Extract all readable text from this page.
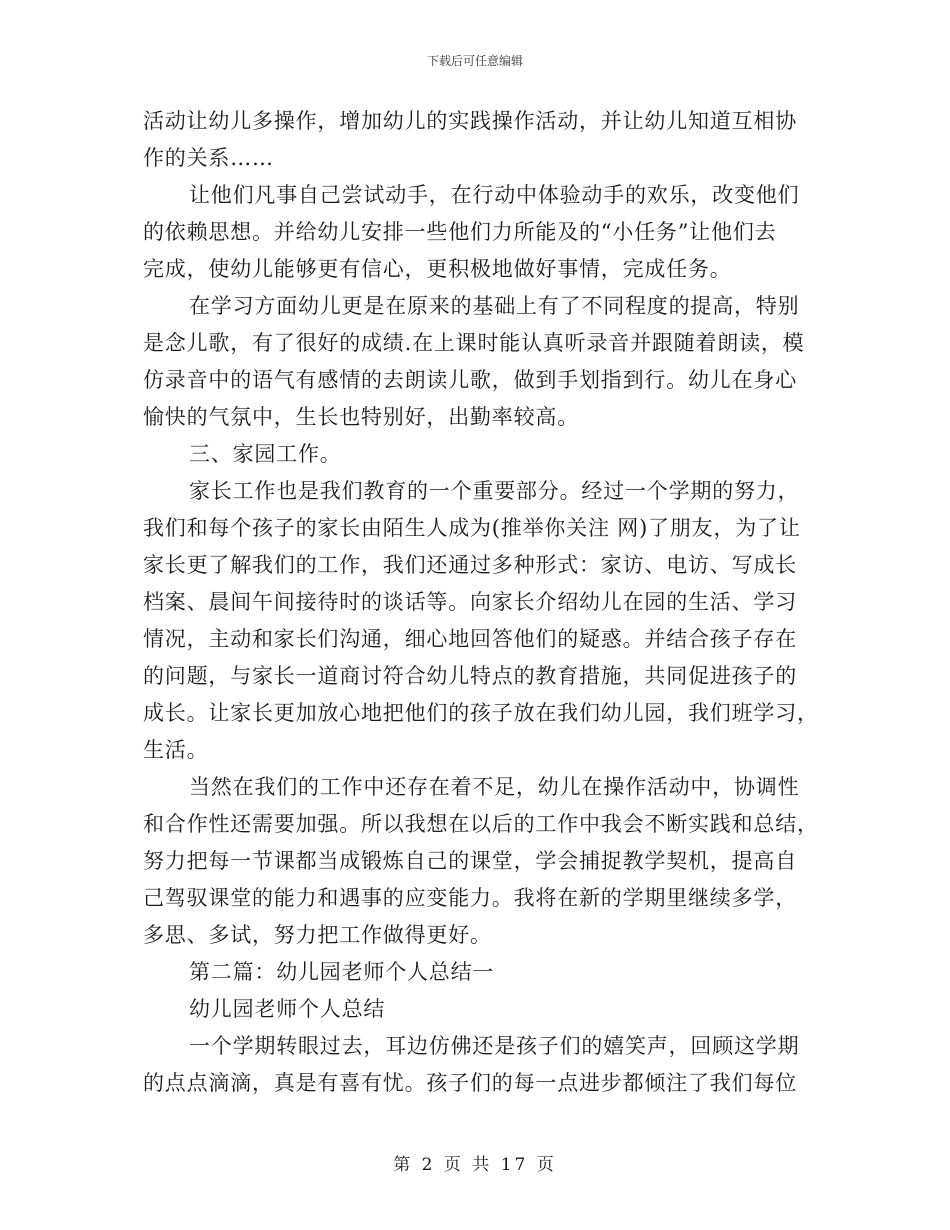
下载后可任意编辑
活动让幼儿多操作，增加幼儿的实践操作活动，并让幼儿知道互相协
作的关系……
让他们凡事自己尝试动手，在行动中体验动手的欢乐，改变他们
的依赖思想。并给幼儿安排一些他们力所能及的“小任务”让他们去
完成，使幼儿能够更有信心，更积极地做好事情，完成任务。
在学习方面幼儿更是在原来的基础上有了不同程度的提高，特别
是念儿歌，有了很好的成绩.在上课时能认真听录音并跟随着朗读，模
仿录音中的语气有感情的去朗读儿歌，做到手划指到行。幼儿在身心
愉快的气氛中，生长也特别好，出勤率较高。
三、家园工作。
家长工作也是我们教育的一个重要部分。经过一个学期的努力，
我们和每个孩子的家长由陌生人成为(推举你关注 网)了朋友，为了让
家长更了解我们的工作，我们还通过多种形式：家访、电访、写成长
档案、晨间午间接待时的谈话等。向家长介绍幼儿在园的生活、学习
情况，主动和家长们沟通，细心地回答他们的疑惑。并结合孩子存在
的问题，与家长一道商讨符合幼儿特点的教育措施，共同促进孩子的
成长。让家长更加放心地把他们的孩子放在我们幼儿园，我们班学习，
生活。
当然在我们的工作中还存在着不足，幼儿在操作活动中，协调性
和合作性还需要加强。所以我想在以后的工作中我会不断实践和总结，
努力把每一节课都当成锻炼自己的课堂，学会捕捉教学契机，提高自
己驾驭课堂的能力和遇事的应变能力。我将在新的学期里继续多学，
多思、多试，努力把工作做得更好。
第二篇：幼儿园老师个人总结一
幼儿园老师个人总结
一个学期转眼过去，耳边仿佛还是孩子们的嬉笑声，回顾这学期
的点点滴滴，真是有喜有忧。孩子们的每一点进步都倾注了我们每位
第 2 页 共 17 页
